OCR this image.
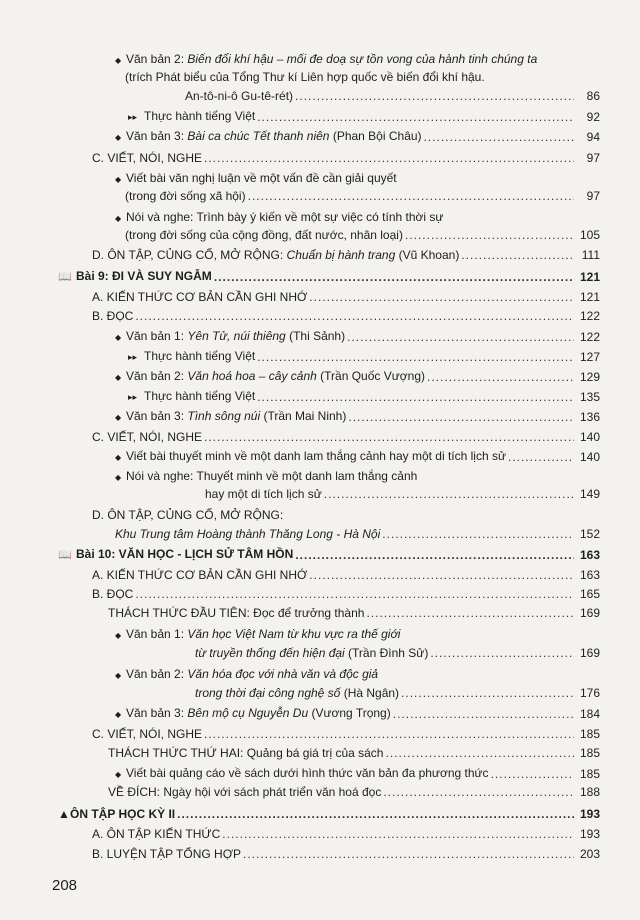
◆ Văn bản 2: Biến đổi khí hậu – mối đe doạ sự tồn vong của hành tinh chúng ta
(trích Phát biểu của Tổng Thư kí Liên hợp quốc về biến đổi khí hậu.
An-tô-ni-ô Gu-tê-rét) .....	86
▸▸ Thực hành tiếng Việt .....	92
◆ Văn bản 3: Bài ca chúc Tết thanh niên (Phan Bội Châu) .....	94
C. VIẾT, NÓI, NGHE .....	97
◆ Viết bài văn nghị luận về một vấn đề cần giải quyết
(trong đời sống xã hội) .....	97
◆ Nói và nghe: Trình bày ý kiến về một sự việc có tính thời sự
(trong đời sống của cộng đồng, đất nước, nhân loại) .....	105
D. ÔN TẬP, CỦNG CỐ, MỞ RỘNG: Chuẩn bị hành trang (Vũ Khoan) .....	111
📖 Bài 9: ĐI VÀ SUY NGẪM .....	121
A. KIẾN THỨC CƠ BẢN CẦN GHI NHỚ .....	121
B. ĐỌC .....	122
◆ Văn bản 1: Yên Tử, núi thiêng (Thi Sảnh) .....	122
▸▸ Thực hành tiếng Việt .....	127
◆ Văn bản 2: Văn hoá hoa – cây cảnh (Trần Quốc Vượng) .....	129
▸▸ Thực hành tiếng Việt .....	135
◆ Văn bản 3: Tình sông núi (Trần Mai Ninh) .....	136
C. VIẾT, NÓI, NGHE .....	140
◆ Viết bài thuyết minh về một danh lam thắng cảnh hay một di tích lịch sử .....	140
◆ Nói và nghe: Thuyết minh về một danh lam thắng cảnh
hay một di tích lịch sử .....	149
D. ÔN TẬP, CỦNG CỐ, MỞ RỘNG:
Khu Trung tâm Hoàng thành Thăng Long - Hà Nội .....	152
📖 Bài 10: VĂN HỌC - LỊCH SỬ TÂM HỒN .....	163
A. KIẾN THỨC CƠ BẢN CẦN GHI NHỚ .....	163
B. ĐỌC .....	165
THÁCH THỨC ĐẦU TIÊN: Đọc để trưởng thành .....	169
◆ Văn bản 1: Văn học Việt Nam từ khu vực ra thế giới
từ truyền thống đến hiện đại (Trần Đình Sử) .....	169
◆ Văn bản 2: Văn hóa đọc với nhà văn và độc giả
trong thời đại công nghệ số (Hà Ngân) .....	176
◆ Văn bản 3: Bên mộ cụ Nguyễn Du (Vương Trọng) .....	184
C. VIẾT, NÓI, NGHE .....	185
THÁCH THỨC THỨ HAI: Quảng bá giá trị của sách .....	185
◆ Viết bài quảng cáo về sách dưới hình thức văn bản đa phương thức .....	185
VỀ ĐÍCH: Ngày hội với sách phát triển văn hoá đọc .....	188
▲ÔN TẬP HỌC KỲ II .....	193
A. ÔN TẬP KIẾN THỨC .....	193
B. LUYỆN TẬP TỔNG HỢP .....	203
208
